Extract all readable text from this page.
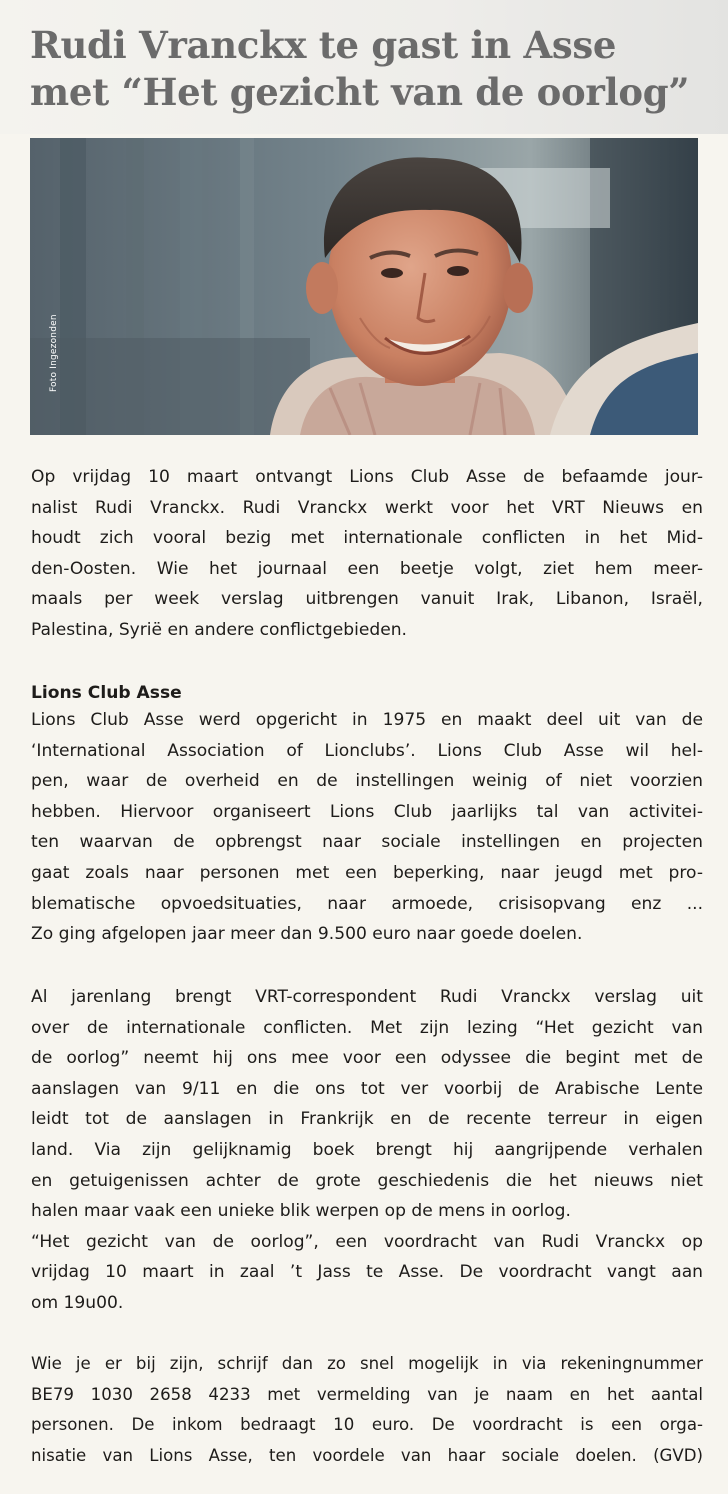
Rudi Vranckx te gast in Asse
met “Het gezicht van de oorlog”
Foto Ingezonden
Op vrijdag 10 maart ontvangt Lions Club Asse de befaamde jour-
nalist Rudi Vranckx. Rudi Vranckx werkt voor het VRT Nieuws en
houdt zich vooral bezig met internationale conflicten in het Mid-
den-Oosten. Wie het journaal een beetje volgt, ziet hem meer-
maals per week verslag uitbrengen vanuit Irak, Libanon, Israël,
Palestina, Syrië en andere conflictgebieden.
Lions Club Asse
Lions Club Asse werd opgericht in 1975 en maakt deel uit van de
‘International Association of Lionclubs’. Lions Club Asse wil hel-
pen, waar de overheid en de instellingen weinig of niet voorzien
hebben. Hiervoor organiseert Lions Club jaarlijks tal van activitei-
ten waarvan de opbrengst naar sociale instellingen en projecten
gaat zoals naar personen met een beperking, naar jeugd met pro-
blematische opvoedsituaties, naar armoede, crisisopvang enz ...
Zo ging afgelopen jaar meer dan 9.500 euro naar goede doelen.
Al jarenlang brengt VRT-correspondent Rudi Vranckx verslag uit
over de internationale conflicten. Met zijn lezing “Het gezicht van
de oorlog” neemt hij ons mee voor een odyssee die begint met de
aanslagen van 9/11 en die ons tot ver voorbij de Arabische Lente
leidt tot de aanslagen in Frankrijk en de recente terreur in eigen
land. Via zijn gelijknamig boek brengt hij aangrijpende verhalen
en getuigenissen achter de grote geschiedenis die het nieuws niet
halen maar vaak een unieke blik werpen op de mens in oorlog.
“Het gezicht van de oorlog”, een voordracht van Rudi Vranckx op
vrijdag 10 maart in zaal ’t Jass te Asse. De voordracht vangt aan
om 19u00.
Wie je er bij zijn, schrijf dan zo snel mogelijk in via rekeningnummer
BE79 1030 2658 4233 met vermelding van je naam en het aantal
personen. De inkom bedraagt 10 euro. De voordracht is een orga-
nisatie van Lions Asse, ten voordele van haar sociale doelen. (GVD)
